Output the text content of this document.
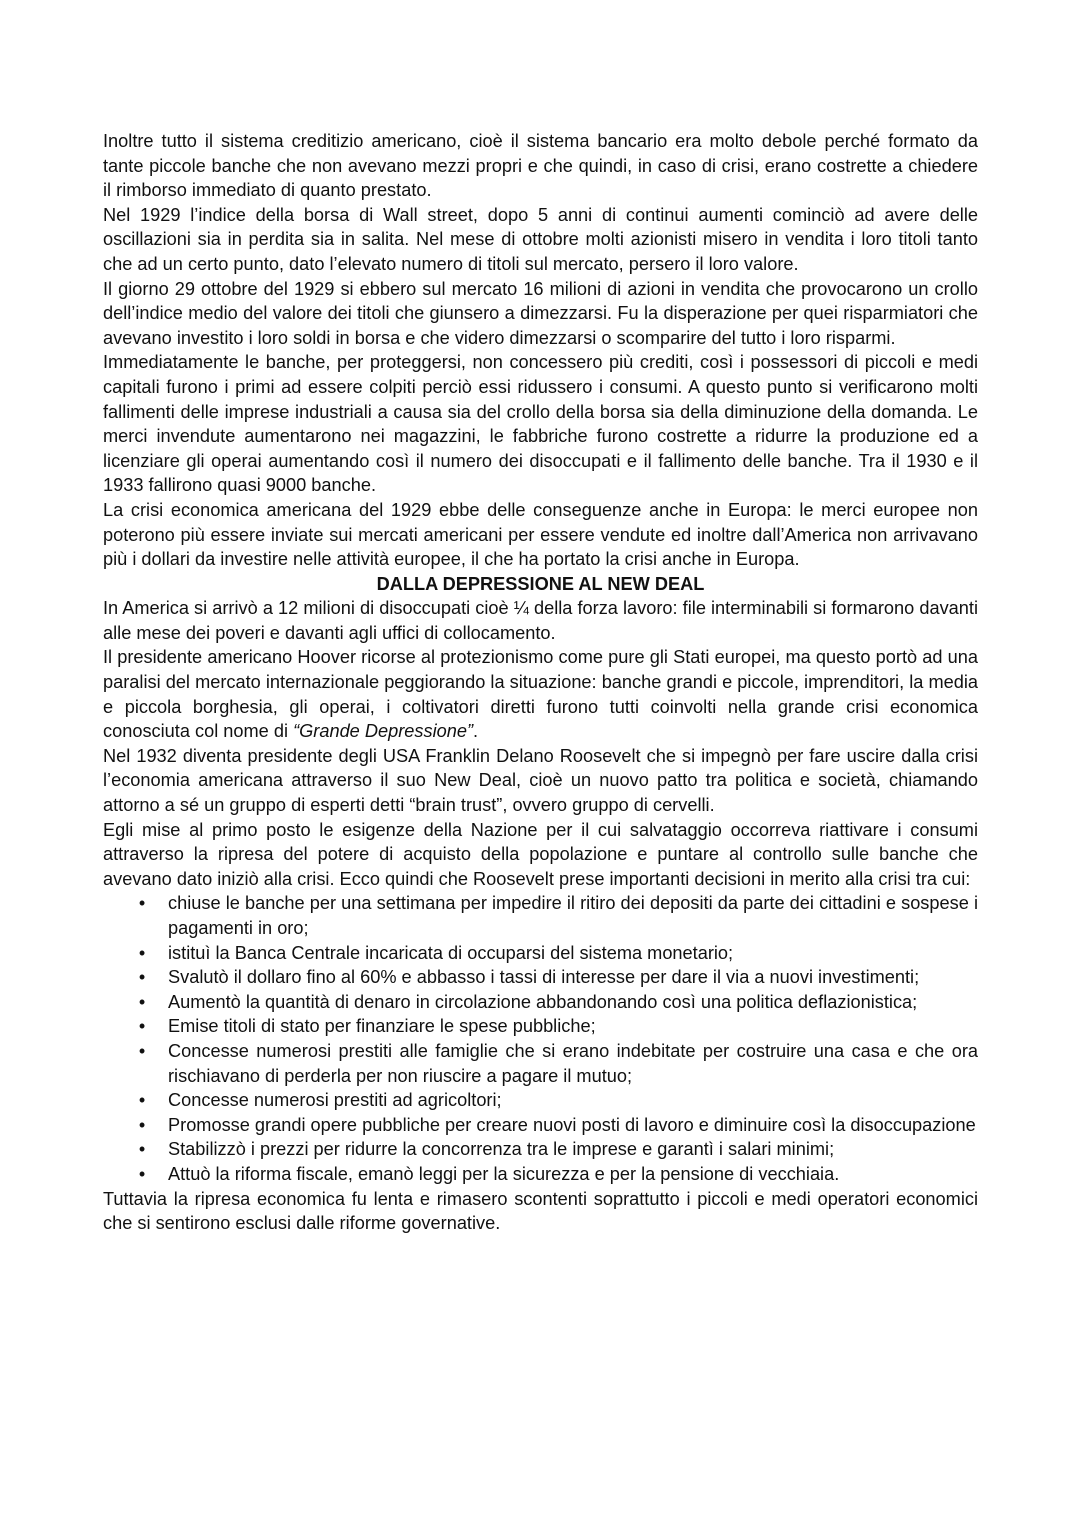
Inoltre tutto il sistema creditizio americano, cioè il sistema bancario era molto debole perché formato da tante piccole banche che non avevano mezzi propri e che quindi, in caso di crisi, erano costrette a chiedere il rimborso immediato di quanto prestato.

Nel 1929 l’indice della borsa di Wall street, dopo 5 anni di continui aumenti cominciò ad avere delle oscillazioni sia in perdita sia in salita. Nel mese di ottobre molti azionisti misero in vendita i loro titoli tanto che ad un certo punto, dato l’elevato numero di titoli sul mercato, persero il loro valore.

Il giorno 29 ottobre del 1929 si ebbero sul mercato 16 milioni di azioni in vendita che provocarono un crollo dell’indice medio del valore dei titoli che giunsero a dimezzarsi. Fu la disperazione per quei risparmiatori che avevano investito i loro soldi in borsa e che videro dimezzarsi o scomparire del tutto i loro risparmi.

Immediatamente le banche, per proteggersi, non concessero più crediti, così i possessori di piccoli e medi capitali furono i primi ad essere colpiti perciò essi ridussero i consumi. A questo punto si verificarono molti fallimenti delle imprese industriali a causa sia del crollo della borsa sia della diminuzione della domanda. Le merci invendute aumentarono nei magazzini, le fabbriche furono costrette a ridurre la produzione ed a licenziare gli operai aumentando così il numero dei disoccupati e il fallimento delle banche. Tra il 1930 e il 1933 fallirono quasi 9000 banche.

La crisi economica americana del 1929 ebbe delle conseguenze anche in Europa: le merci europee non poterono più essere inviate sui mercati americani per essere vendute ed inoltre dall’America non arrivavano più i dollari da investire nelle attività europee, il che ha portato la crisi anche in Europa.

DALLA DEPRESSIONE AL NEW DEAL

In America si arrivò a 12 milioni di disoccupati cioè ¼ della forza lavoro: file interminabili si formarono davanti alle mese dei poveri e davanti agli uffici di collocamento.

Il presidente americano Hoover ricorse al protezionismo come pure gli Stati europei, ma questo portò ad una paralisi del mercato internazionale peggiorando la situazione: banche grandi e piccole, imprenditori, la media e piccola borghesia, gli operai, i coltivatori diretti furono tutti coinvolti nella grande crisi economica conosciuta col nome di “Grande Depressione”.

Nel 1932 diventa presidente degli USA Franklin Delano Roosevelt che si impegnò per fare uscire dalla crisi l’economia americana attraverso il suo New Deal, cioè un nuovo patto tra politica e società, chiamando attorno a sé un gruppo di esperti detti “brain trust”, ovvero gruppo di cervelli.

Egli mise al primo posto le esigenze della Nazione per il cui salvataggio occorreva riattivare i consumi attraverso la ripresa del potere di acquisto della popolazione e puntare al controllo sulle banche che avevano dato iniziò alla crisi. Ecco quindi che Roosevelt prese importanti decisioni in merito alla crisi tra cui:

• chiuse le banche per una settimana per impedire il ritiro dei depositi da parte dei cittadini e sospese i pagamenti in oro;
• istituì la Banca Centrale incaricata di occuparsi del sistema monetario;
• Svalutò il dollaro fino al 60% e abbasso i tassi di interesse per dare il via a nuovi investimenti;
• Aumentò la quantità di denaro in circolazione abbandonando così una politica deflazionistica;
• Emise titoli di stato per finanziare le spese pubbliche;
• Concesse numerosi prestiti alle famiglie che si erano indebitate per costruire una casa e che ora rischiavano di perderla per non riuscire a pagare il mutuo;
• Concesse numerosi prestiti ad agricoltori;
• Promosse grandi opere pubbliche per creare nuovi posti di lavoro e diminuire così la disoccupazione
• Stabilizzò i prezzi per ridurre la concorrenza tra le imprese e garantì i salari minimi;
• Attuò la riforma fiscale, emanò leggi per la sicurezza e per la pensione di vecchiaia.

Tuttavia la ripresa economica fu lenta e rimasero scontenti soprattutto i piccoli e medi operatori economici che si sentirono esclusi dalle riforme governative.
